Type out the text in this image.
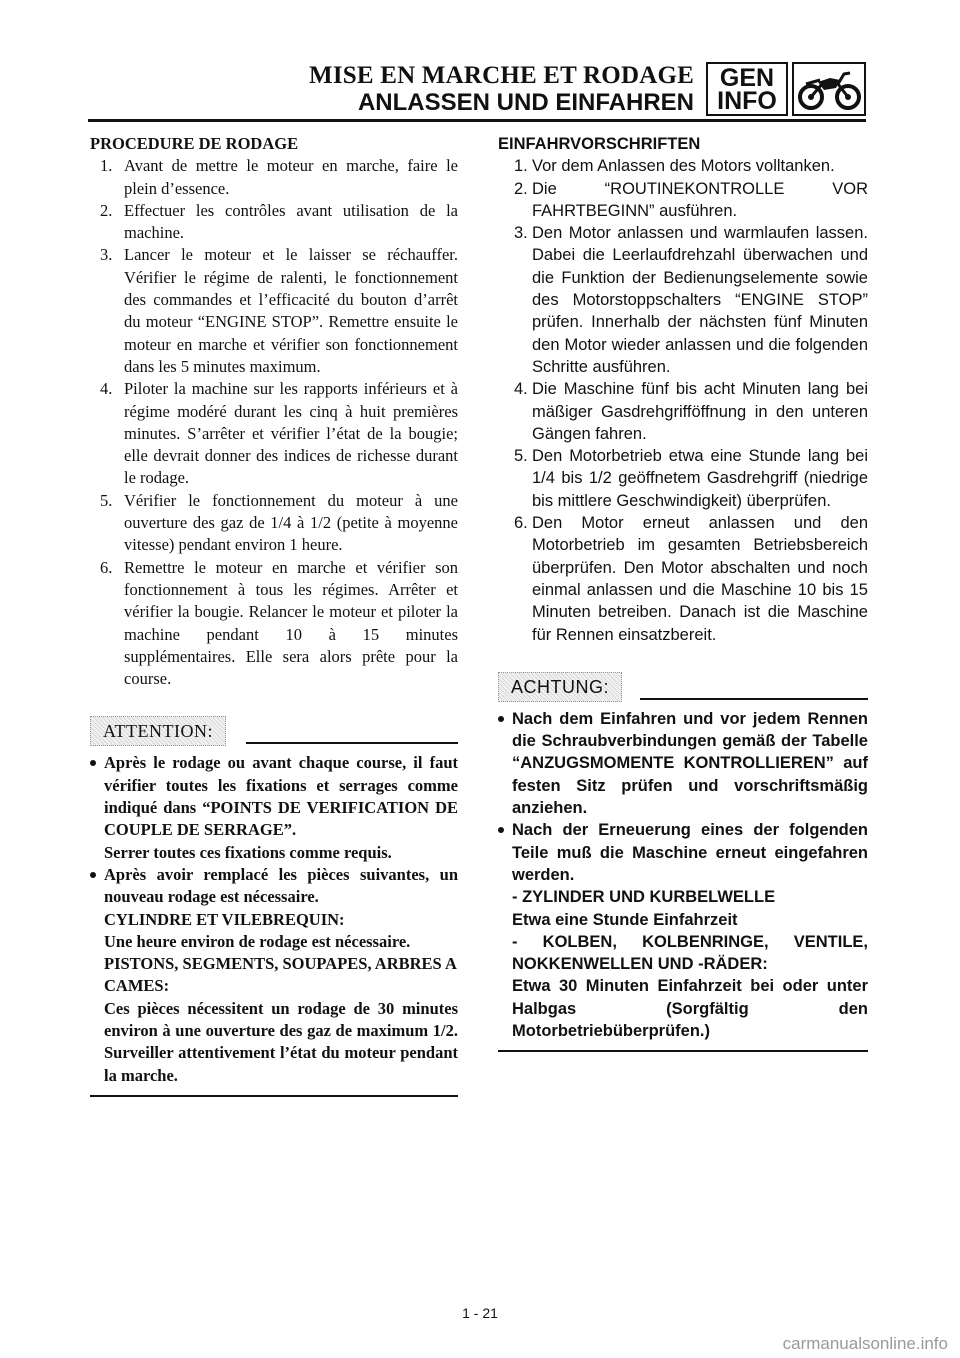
MISE EN MARCHE ET RODAGE
ANLASSEN UND EINFAHREN
GEN
INFO
PROCEDURE DE RODAGE
1. Avant de mettre le moteur en marche, faire le plein d’essence.
2. Effectuer les contrôles avant utilisation de la machine.
3. Lancer le moteur et le laisser se réchauffer. Vérifier le régime de ralenti, le fonctionnement des commandes et l’efficacité du bouton d’arrêt du moteur “ENGINE STOP”. Remettre ensuite le moteur en marche et vérifier son fonctionnement dans les 5 minutes maximum.
4. Piloter la machine sur les rapports inférieurs et à régime modéré durant les cinq à huit premières minutes. S’arrêter et vérifier l’état de la bougie; elle devrait donner des indices de richesse durant le rodage.
5. Vérifier le fonctionnement du moteur à une ouverture des gaz de 1/4 à 1/2 (petite à moyenne vitesse) pendant environ 1 heure.
6. Remettre le moteur en marche et vérifier son fonctionnement à tous les régimes. Arrêter et vérifier la bougie. Relancer le moteur et piloter la machine pendant 10 à 15 minutes supplémentaires. Elle sera alors prête pour la course.
ATTENTION:
Après le rodage ou avant chaque course, il faut vérifier toutes les fixations et serrages comme indiqué dans “POINTS DE VERIFICATION DE COUPLE DE SERRAGE”.
Serrer toutes ces fixations comme requis.
Après avoir remplacé les pièces suivantes, un nouveau rodage est nécessaire.
CYLINDRE ET VILEBREQUIN:
Une heure environ de rodage est nécessaire.
PISTONS, SEGMENTS, SOUPAPES, ARBRES A CAMES:
Ces pièces nécessitent un rodage de 30 minutes environ à une ouverture des gaz de maximum 1/2. Surveiller attentivement l’état du moteur pendant la marche.
EINFAHRVORSCHRIFTEN
1. Vor dem Anlassen des Motors volltanken.
2. Die “ROUTINEKONTROLLE VOR FAHRTBEGINN” ausführen.
3. Den Motor anlassen und warmlaufen lassen. Dabei die Leerlaufdrehzahl überwachen und die Funktion der Bedienungselemente sowie des Motorstoppschalters “ENGINE STOP” prüfen. Innerhalb der nächsten fünf Minuten den Motor wieder anlassen und die folgenden Schritte ausführen.
4. Die Maschine fünf bis acht Minuten lang bei mäßiger Gasdrehgrifföffnung in den unteren Gängen fahren.
5. Den Motorbetrieb etwa eine Stunde lang bei 1/4 bis 1/2 geöffnetem Gasdrehgriff (niedrige bis mittlere Geschwindigkeit) überprüfen.
6. Den Motor erneut anlassen und den Motorbetrieb im gesamten Betriebsbereich überprüfen. Den Motor abschalten und noch einmal anlassen und die Maschine 10 bis 15 Minuten betreiben. Danach ist die Maschine für Rennen einsatzbereit.
ACHTUNG:
Nach dem Einfahren und vor jedem Rennen die Schraubverbindungen gemäß der Tabelle “ANZUGSMOMENTE KONTROLLIEREN” auf festen Sitz prüfen und vorschriftsmäßig anziehen.
Nach der Erneuerung eines der folgenden Teile muß die Maschine erneut eingefahren werden.
- ZYLINDER UND KURBELWELLE
Etwa eine Stunde Einfahrzeit
- KOLBEN, KOLBENRINGE, VENTILE, NOKKENWELLEN UND -RÄDER:
Etwa 30 Minuten Einfahrzeit bei oder unter Halbgas (Sorgfältig den Motorbetriebüberprüfen.)
1 - 21
carmanualsonline.info
